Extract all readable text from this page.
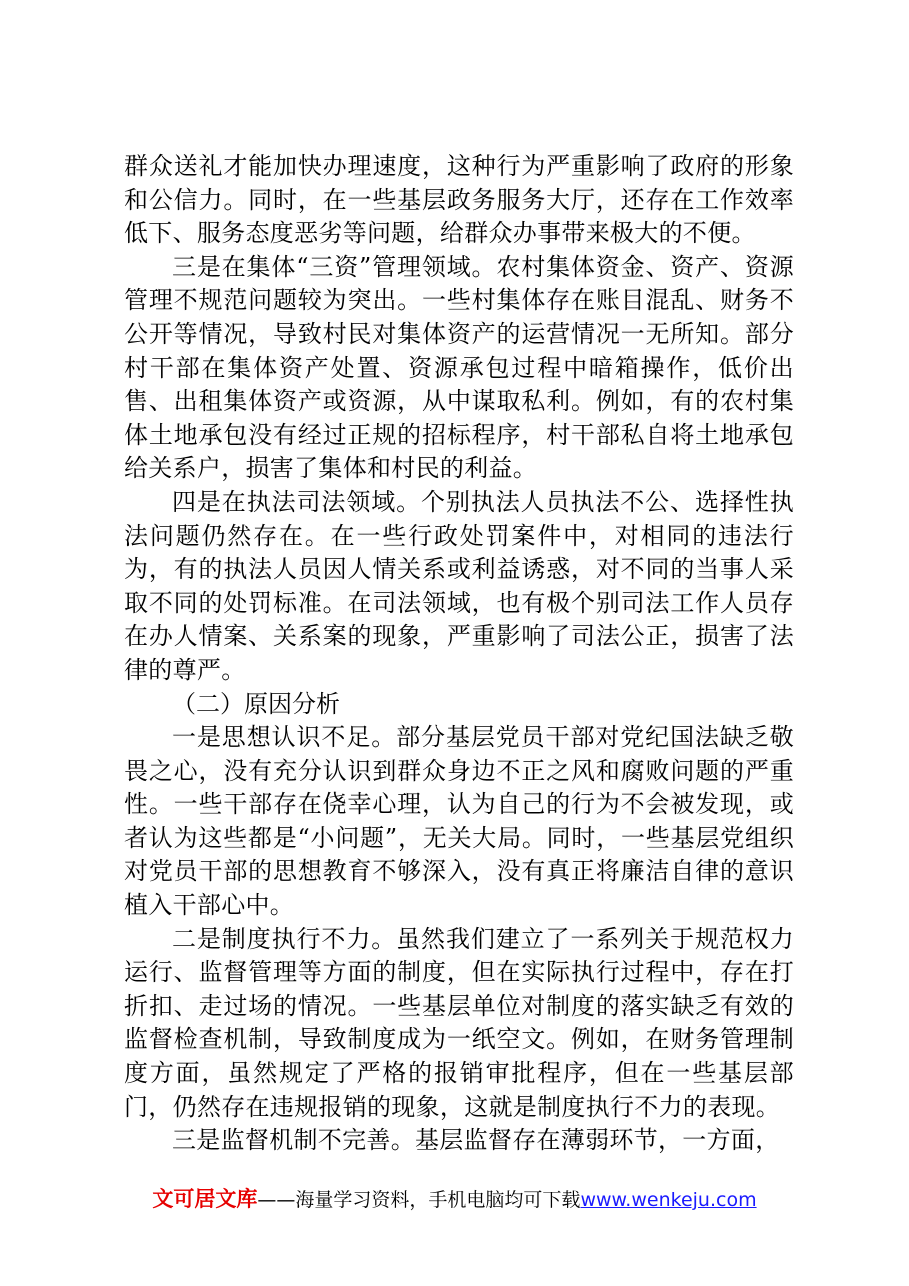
群众送礼才能加快办理速度，这种行为严重影响了政府的形象和公信力。同时，在一些基层政务服务大厅，还存在工作效率低下、服务态度恶劣等问题，给群众办事带来极大的不便。

三是在集体“三资”管理领域。农村集体资金、资产、资源管理不规范问题较为突出。一些村集体存在账目混乱、财务不公开等情况，导致村民对集体资产的运营情况一无所知。部分村干部在集体资产处置、资源承包过程中暗箱操作，低价出售、出租集体资产或资源，从中谋取私利。例如，有的农村集体土地承包没有经过正规的招标程序，村干部私自将土地承包给关系户，损害了集体和村民的利益。

四是在执法司法领域。个别执法人员执法不公、选择性执法问题仍然存在。在一些行政处罚案件中，对相同的违法行为，有的执法人员因人情关系或利益诱惑，对不同的当事人采取不同的处罚标准。在司法领域，也有极个别司法工作人员存在办人情案、关系案的现象，严重影响了司法公正，损害了法律的尊严。

（二）原因分析

一是思想认识不足。部分基层党员干部对党纪国法缺乏敬畏之心，没有充分认识到群众身边不正之风和腐败问题的严重性。一些干部存在侥幸心理，认为自己的行为不会被发现，或者认为这些都是“小问题”，无关大局。同时，一些基层党组织对党员干部的思想教育不够深入，没有真正将廉洁自律的意识植入干部心中。

二是制度执行不力。虽然我们建立了一系列关于规范权力运行、监督管理等方面的制度，但在实际执行过程中，存在打折扣、走过场的情况。一些基层单位对制度的落实缺乏有效的监督检查机制，导致制度成为一纸空文。例如，在财务管理制度方面，虽然规定了严格的报销审批程序，但在一些基层部门，仍然存在违规报销的现象，这就是制度执行不力的表现。

三是监督机制不完善。基层监督存在薄弱环节，一方面，

文可居文库——海量学习资料，手机电脑均可下载www.wenkeju.com
